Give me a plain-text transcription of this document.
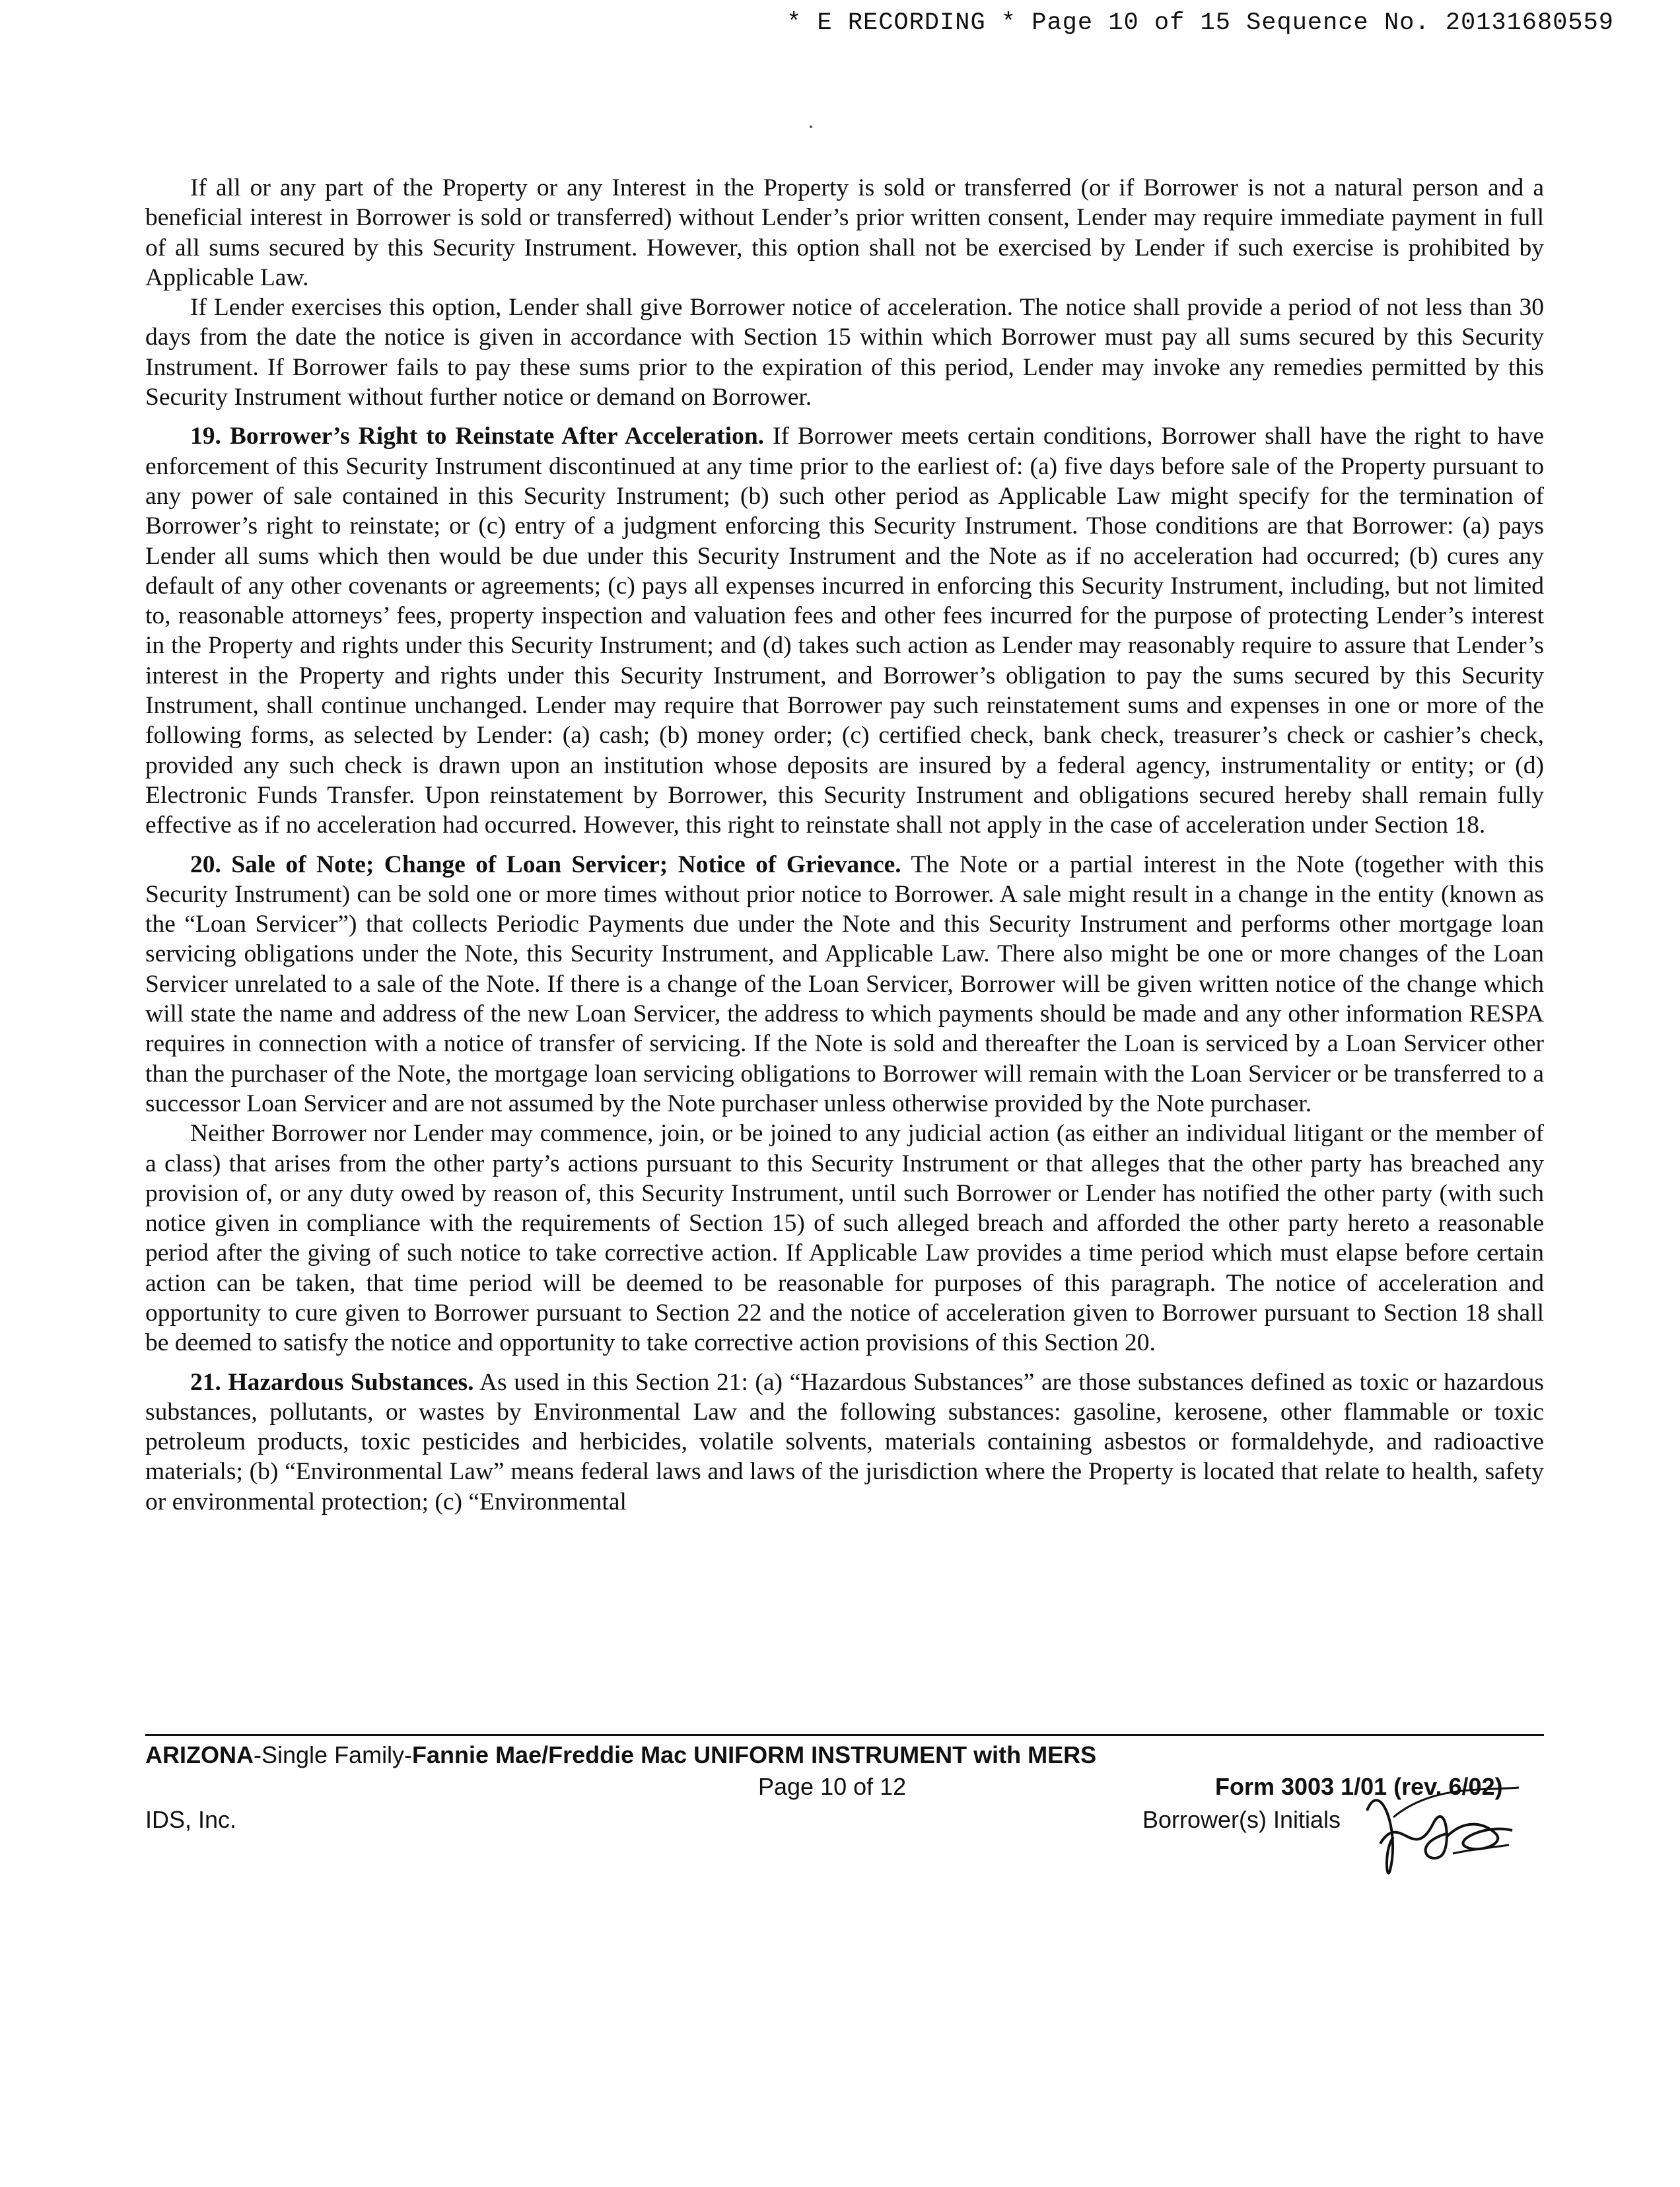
* E RECORDING * Page 10 of 15 Sequence No. 20131680559

If all or any part of the Property or any Interest in the Property is sold or transferred (or if Borrower is not a natural person and a beneficial interest in Borrower is sold or transferred) without Lender’s prior written consent, Lender may require immediate payment in full of all sums secured by this Security Instrument. However, this option shall not be exercised by Lender if such exercise is prohibited by Applicable Law.

If Lender exercises this option, Lender shall give Borrower notice of acceleration. The notice shall provide a period of not less than 30 days from the date the notice is given in accordance with Section 15 within which Borrower must pay all sums secured by this Security Instrument. If Borrower fails to pay these sums prior to the expiration of this period, Lender may invoke any remedies permitted by this Security Instrument without further notice or demand on Borrower.

19. Borrower’s Right to Reinstate After Acceleration. If Borrower meets certain conditions, Borrower shall have the right to have enforcement of this Security Instrument discontinued at any time prior to the earliest of: (a) five days before sale of the Property pursuant to any power of sale contained in this Security Instrument; (b) such other period as Applicable Law might specify for the termination of Borrower’s right to reinstate; or (c) entry of a judgment enforcing this Security Instrument. Those conditions are that Borrower: (a) pays Lender all sums which then would be due under this Security Instrument and the Note as if no acceleration had occurred; (b) cures any default of any other covenants or agreements; (c) pays all expenses incurred in enforcing this Security Instrument, including, but not limited to, reasonable attorneys’ fees, property inspection and valuation fees and other fees incurred for the purpose of protecting Lender’s interest in the Property and rights under this Security Instrument; and (d) takes such action as Lender may reasonably require to assure that Lender’s interest in the Property and rights under this Security Instrument, and Borrower’s obligation to pay the sums secured by this Security Instrument, shall continue unchanged. Lender may require that Borrower pay such reinstatement sums and expenses in one or more of the following forms, as selected by Lender: (a) cash; (b) money order; (c) certified check, bank check, treasurer’s check or cashier’s check, provided any such check is drawn upon an institution whose deposits are insured by a federal agency, instrumentality or entity; or (d) Electronic Funds Transfer. Upon reinstatement by Borrower, this Security Instrument and obligations secured hereby shall remain fully effective as if no acceleration had occurred. However, this right to reinstate shall not apply in the case of acceleration under Section 18.

20. Sale of Note; Change of Loan Servicer; Notice of Grievance. The Note or a partial interest in the Note (together with this Security Instrument) can be sold one or more times without prior notice to Borrower. A sale might result in a change in the entity (known as the “Loan Servicer”) that collects Periodic Payments due under the Note and this Security Instrument and performs other mortgage loan servicing obligations under the Note, this Security Instrument, and Applicable Law. There also might be one or more changes of the Loan Servicer unrelated to a sale of the Note. If there is a change of the Loan Servicer, Borrower will be given written notice of the change which will state the name and address of the new Loan Servicer, the address to which payments should be made and any other information RESPA requires in connection with a notice of transfer of servicing. If the Note is sold and thereafter the Loan is serviced by a Loan Servicer other than the purchaser of the Note, the mortgage loan servicing obligations to Borrower will remain with the Loan Servicer or be transferred to a successor Loan Servicer and are not assumed by the Note purchaser unless otherwise provided by the Note purchaser.

Neither Borrower nor Lender may commence, join, or be joined to any judicial action (as either an individual litigant or the member of a class) that arises from the other party’s actions pursuant to this Security Instrument or that alleges that the other party has breached any provision of, or any duty owed by reason of, this Security Instrument, until such Borrower or Lender has notified the other party (with such notice given in compliance with the requirements of Section 15) of such alleged breach and afforded the other party hereto a reasonable period after the giving of such notice to take corrective action. If Applicable Law provides a time period which must elapse before certain action can be taken, that time period will be deemed to be reasonable for purposes of this paragraph. The notice of acceleration and opportunity to cure given to Borrower pursuant to Section 22 and the notice of acceleration given to Borrower pursuant to Section 18 shall be deemed to satisfy the notice and opportunity to take corrective action provisions of this Section 20.

21. Hazardous Substances. As used in this Section 21: (a) “Hazardous Substances” are those substances defined as toxic or hazardous substances, pollutants, or wastes by Environmental Law and the following substances: gasoline, kerosene, other flammable or toxic petroleum products, toxic pesticides and herbicides, volatile solvents, materials containing asbestos or formaldehyde, and radioactive materials; (b) “Environmental Law” means federal laws and laws of the jurisdiction where the Property is located that relate to health, safety or environmental protection; (c) “Environmental

ARIZONA-Single Family-Fannie Mae/Freddie Mac UNIFORM INSTRUMENT with MERS
Page 10 of 12	Form 3003 1/01 (rev. 6/02)
IDS, Inc.	Borrower(s) Initials
